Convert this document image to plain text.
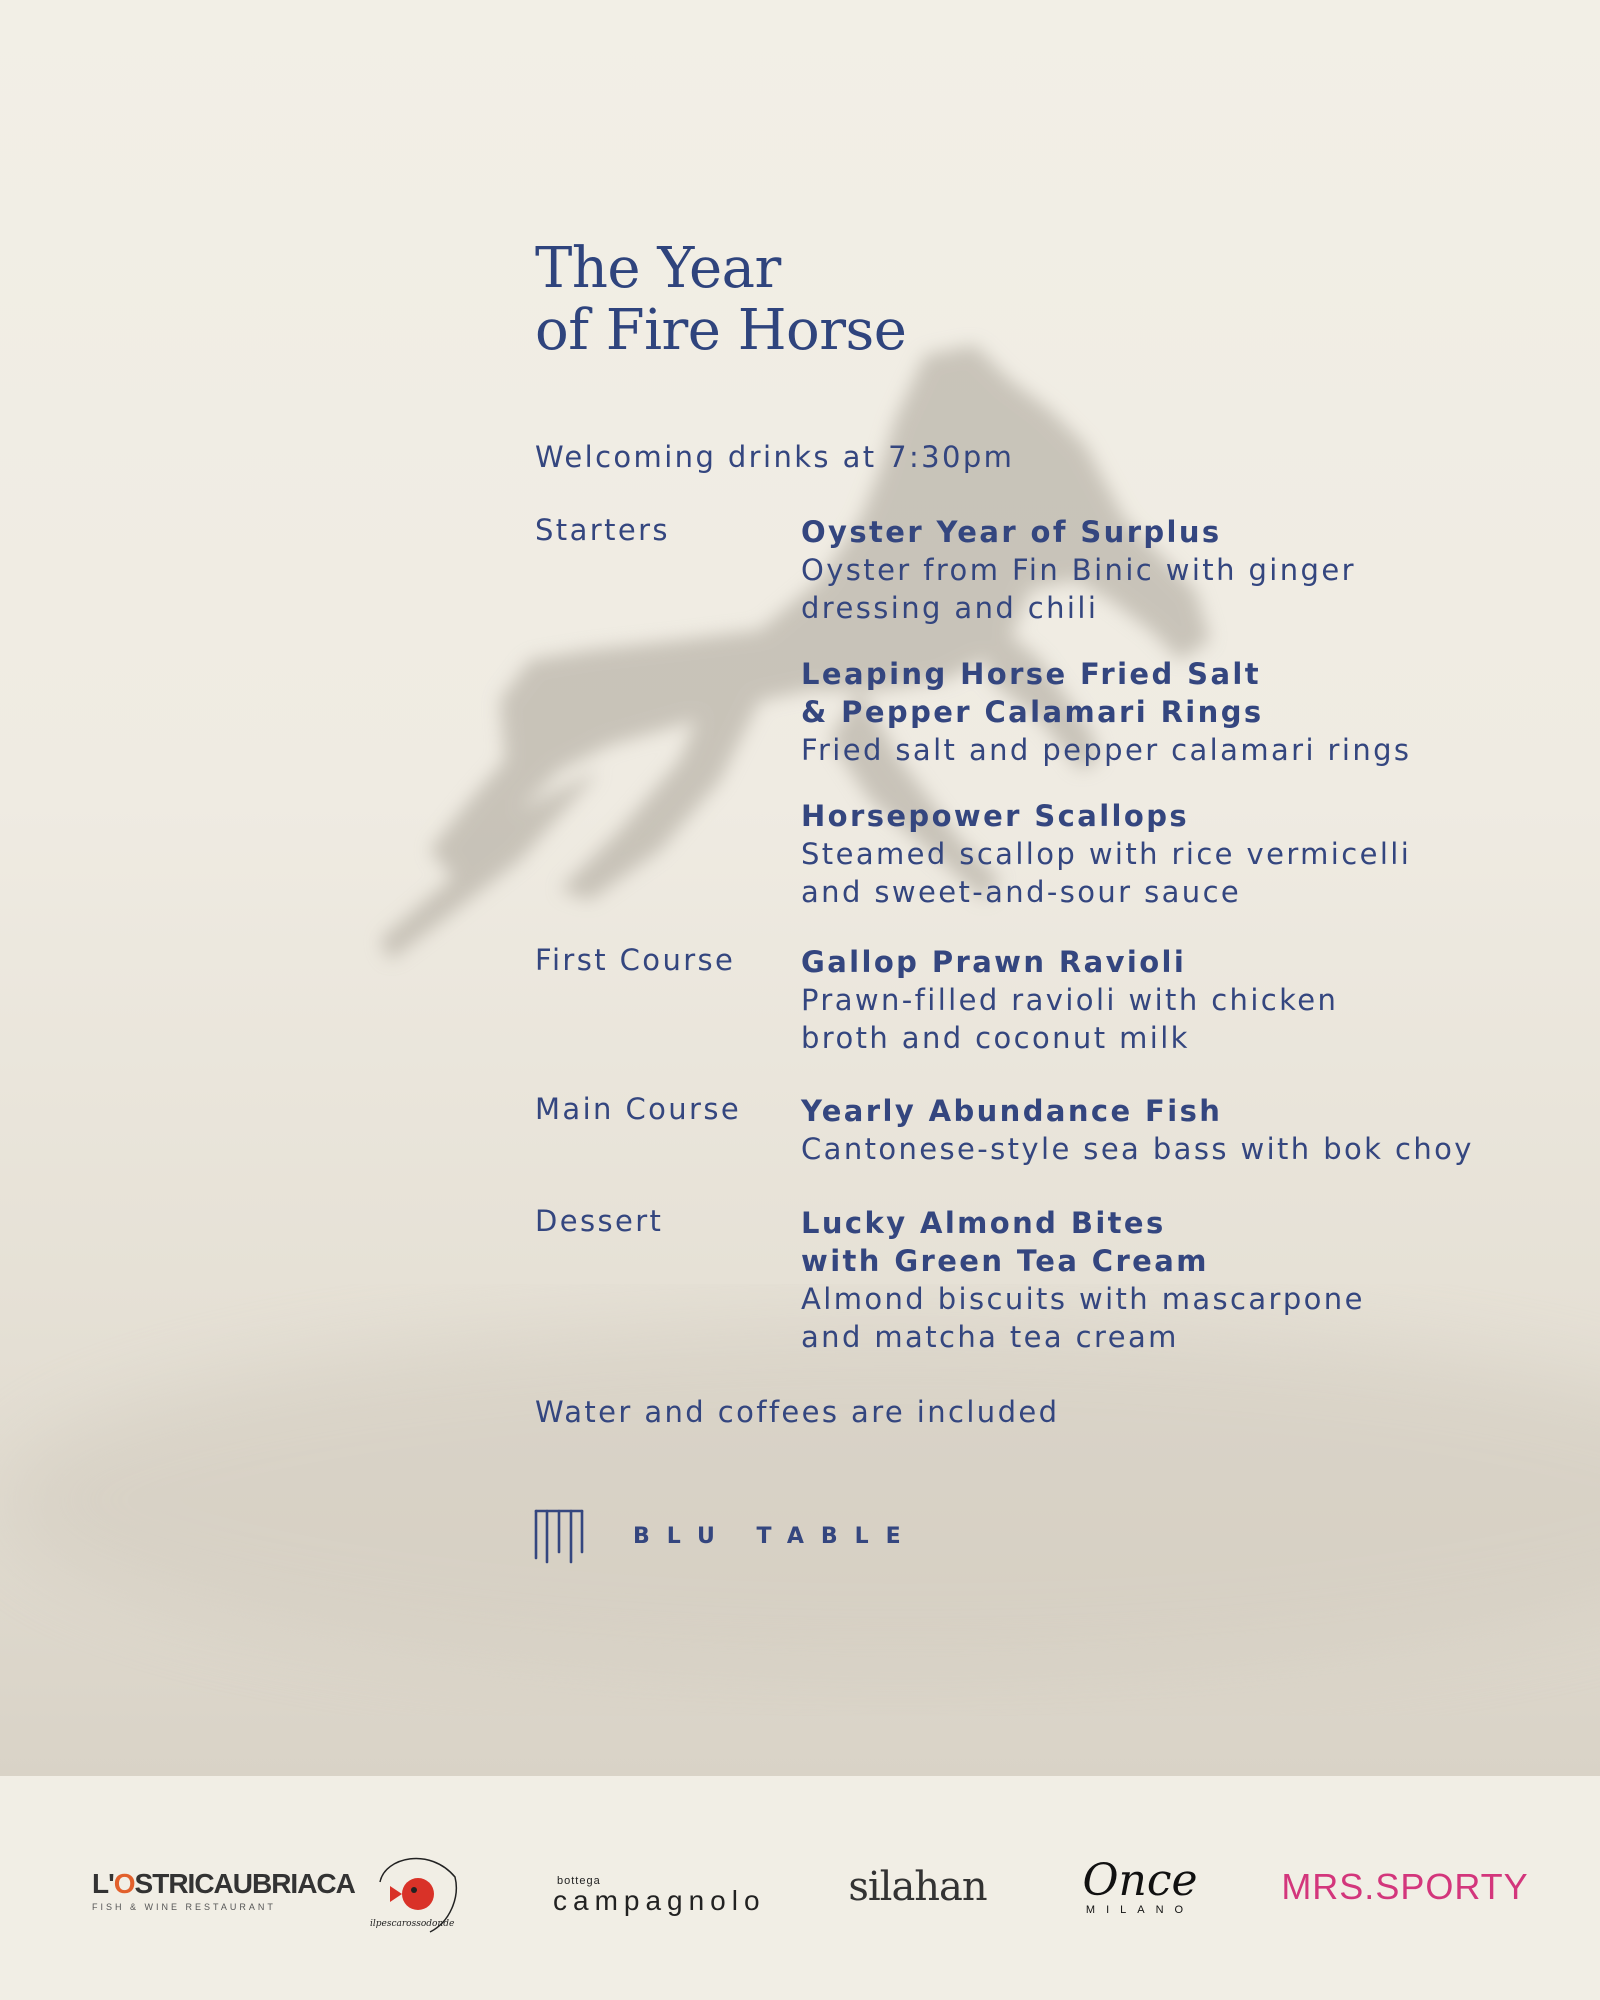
The Year
of Fire Horse
Welcoming drinks at 7:30pm
Starters	Oyster Year of Surplus
Oyster from Fin Binic with ginger
dressing and chili
Leaping Horse Fried Salt
& Pepper Calamari Rings
Fried salt and pepper calamari rings
Horsepower Scallops
Steamed scallop with rice vermicelli
and sweet-and-sour sauce
First Course Gallop Prawn Ravioli
Prawn-filled ravioli with chicken
broth and coconut milk
Main Course Yearly Abundance Fish
Cantonese-style sea bass with bok choy
Dessert	Lucky Almond Bites
with Green Tea Cream
Almond biscuits with mascarpone
and matcha tea cream
Water and coffees are included
BLU TABLE
L'OSTRICAUBRIACA
FISH & WINE RESTAURANT
ilpescarossodonde
bottega
campagnolo silahan Once
MILANO
MRS.SPORTY
